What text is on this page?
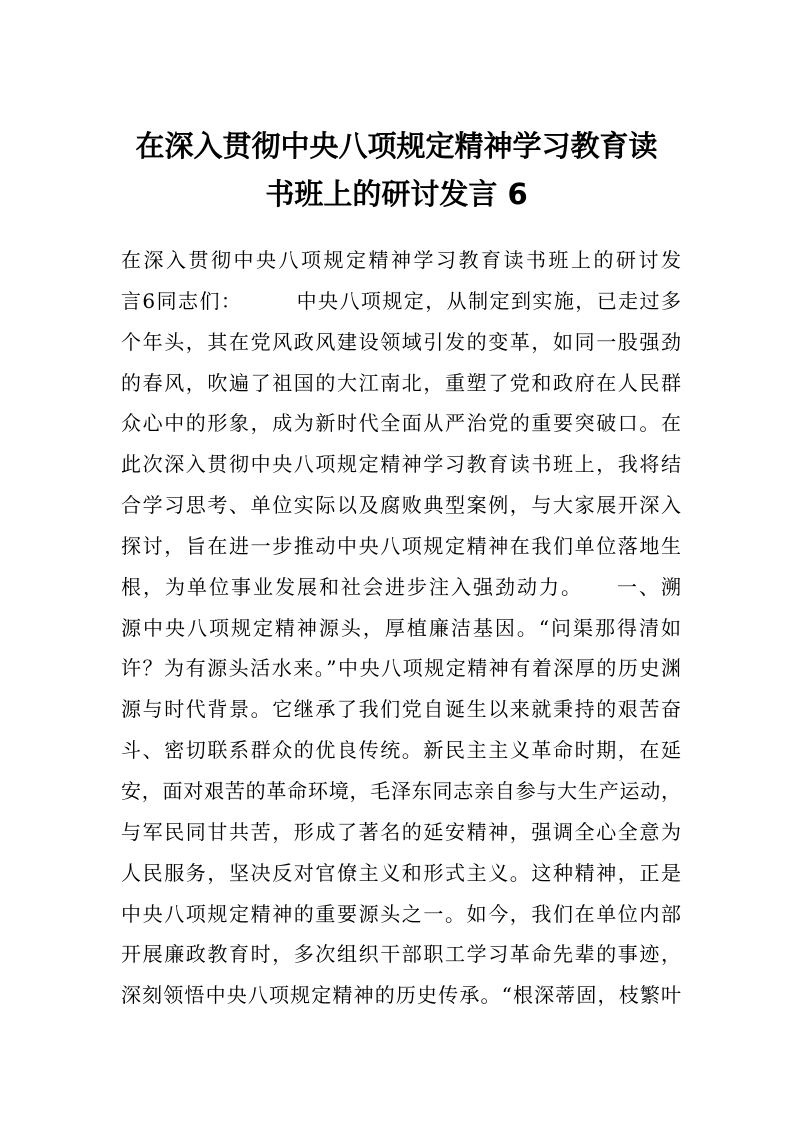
在深入贯彻中央八项规定精神学习教育读
书班上的研讨发言 6
在深入贯彻中央八项规定精神学习教育读书班上的研讨发
言6同志们：　　　中央八项规定，从制定到实施，已走过多
个年头，其在党风政风建设领域引发的变革，如同一股强劲
的春风，吹遍了祖国的大江南北，重塑了党和政府在人民群
众心中的形象，成为新时代全面从严治党的重要突破口。在
此次深入贯彻中央八项规定精神学习教育读书班上，我将结
合学习思考、单位实际以及腐败典型案例，与大家展开深入
探讨，旨在进一步推动中央八项规定精神在我们单位落地生
根，为单位事业发展和社会进步注入强劲动力。　　一、溯
源中央八项规定精神源头，厚植廉洁基因。“问渠那得清如
许？为有源头活水来。”中央八项规定精神有着深厚的历史渊
源与时代背景。它继承了我们党自诞生以来就秉持的艰苦奋
斗、密切联系群众的优良传统。新民主主义革命时期，在延
安，面对艰苦的革命环境，毛泽东同志亲自参与大生产运动，
与军民同甘共苦，形成了著名的延安精神，强调全心全意为
人民服务，坚决反对官僚主义和形式主义。这种精神，正是
中央八项规定精神的重要源头之一。如今，我们在单位内部
开展廉政教育时，多次组织干部职工学习革命先辈的事迹，
深刻领悟中央八项规定精神的历史传承。“根深蒂固，枝繁叶
